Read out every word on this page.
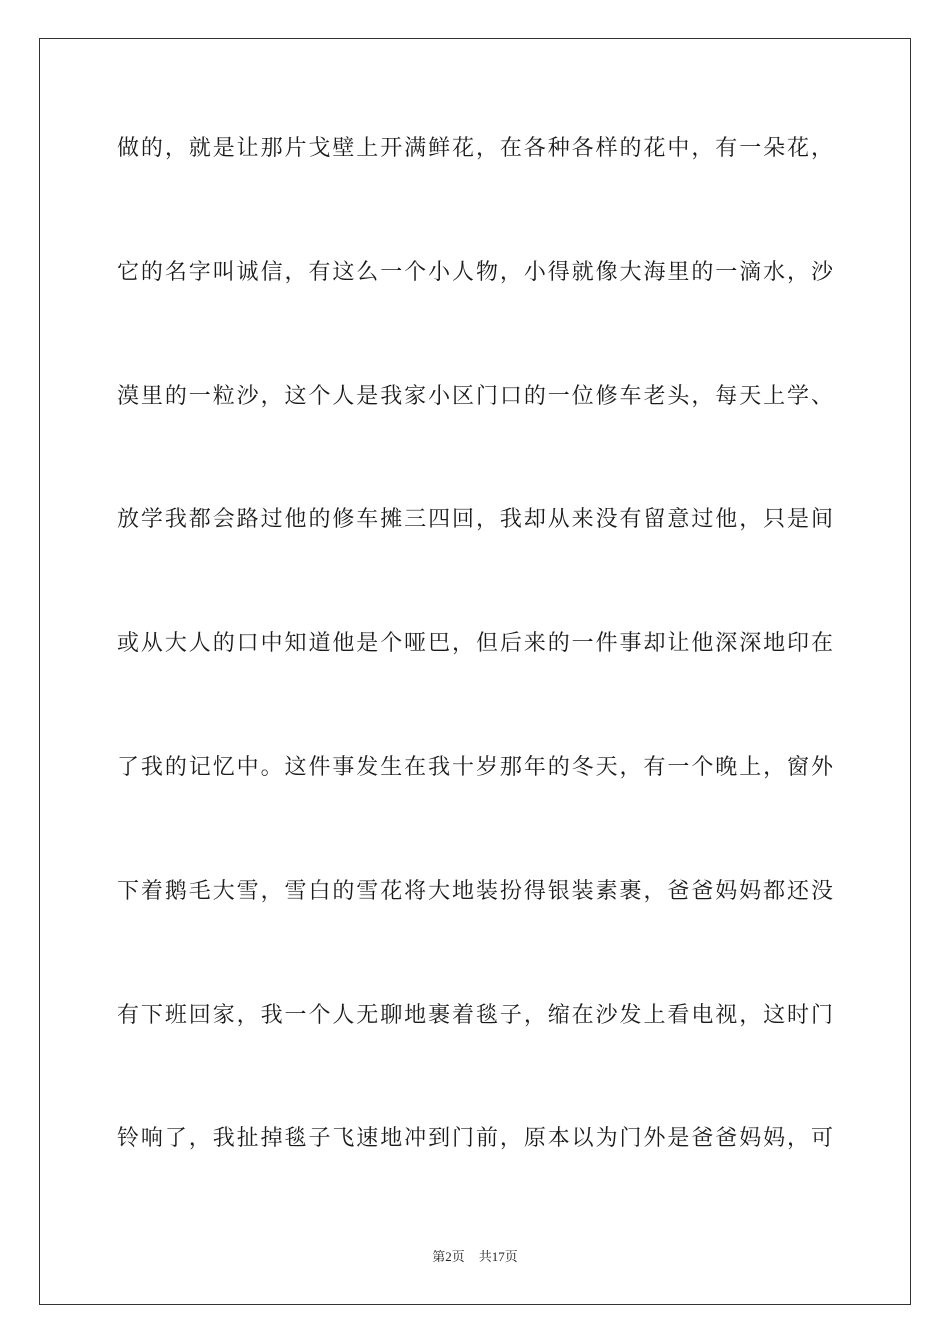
做的，就是让那片戈壁上开满鲜花，在各种各样的花中，有一朵花，

它的名字叫诚信，有这么一个小人物，小得就像大海里的一滴水，沙

漠里的一粒沙，这个人是我家小区门口的一位修车老头，每天上学、

放学我都会路过他的修车摊三四回，我却从来没有留意过他，只是间

或从大人的口中知道他是个哑巴，但后来的一件事却让他深深地印在

了我的记忆中。这件事发生在我十岁那年的冬天，有一个晚上，窗外

下着鹅毛大雪，雪白的雪花将大地装扮得银装素裹，爸爸妈妈都还没

有下班回家，我一个人无聊地裹着毯子，缩在沙发上看电视，这时门

铃响了，我扯掉毯子飞速地冲到门前，原本以为门外是爸爸妈妈，可

第2页 共17页
